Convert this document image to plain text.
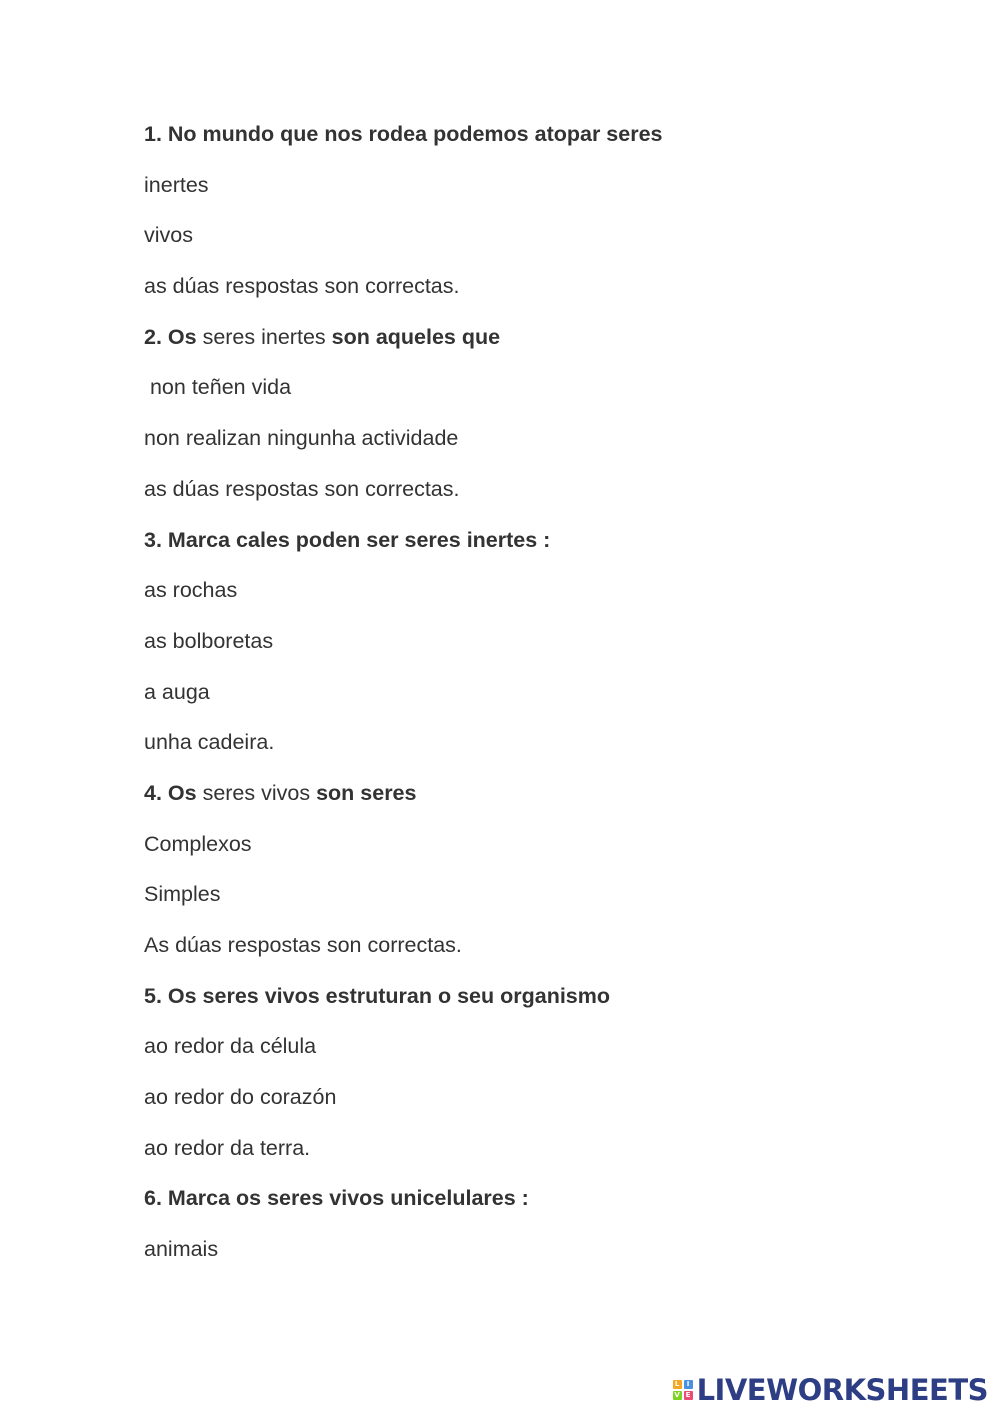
1. No mundo que nos rodea podemos atopar seres
inertes
vivos
as dúas respostas son correctas.
2. Os seres inertes son aqueles que
non teñen vida
non realizan ningunha actividade
as dúas respostas son correctas.
3. Marca cales poden ser seres inertes :
as rochas
as bolboretas
a auga
unha cadeira.
4. Os seres vivos son seres
Complexos
Simples
As dúas respostas son correctas.
5. Os seres vivos estruturan o seu organismo
ao redor da célula
ao redor do corazón
ao redor da terra.
6. Marca os seres vivos unicelulares :
animais
L	I
V E LIVEWORKSHEETS
